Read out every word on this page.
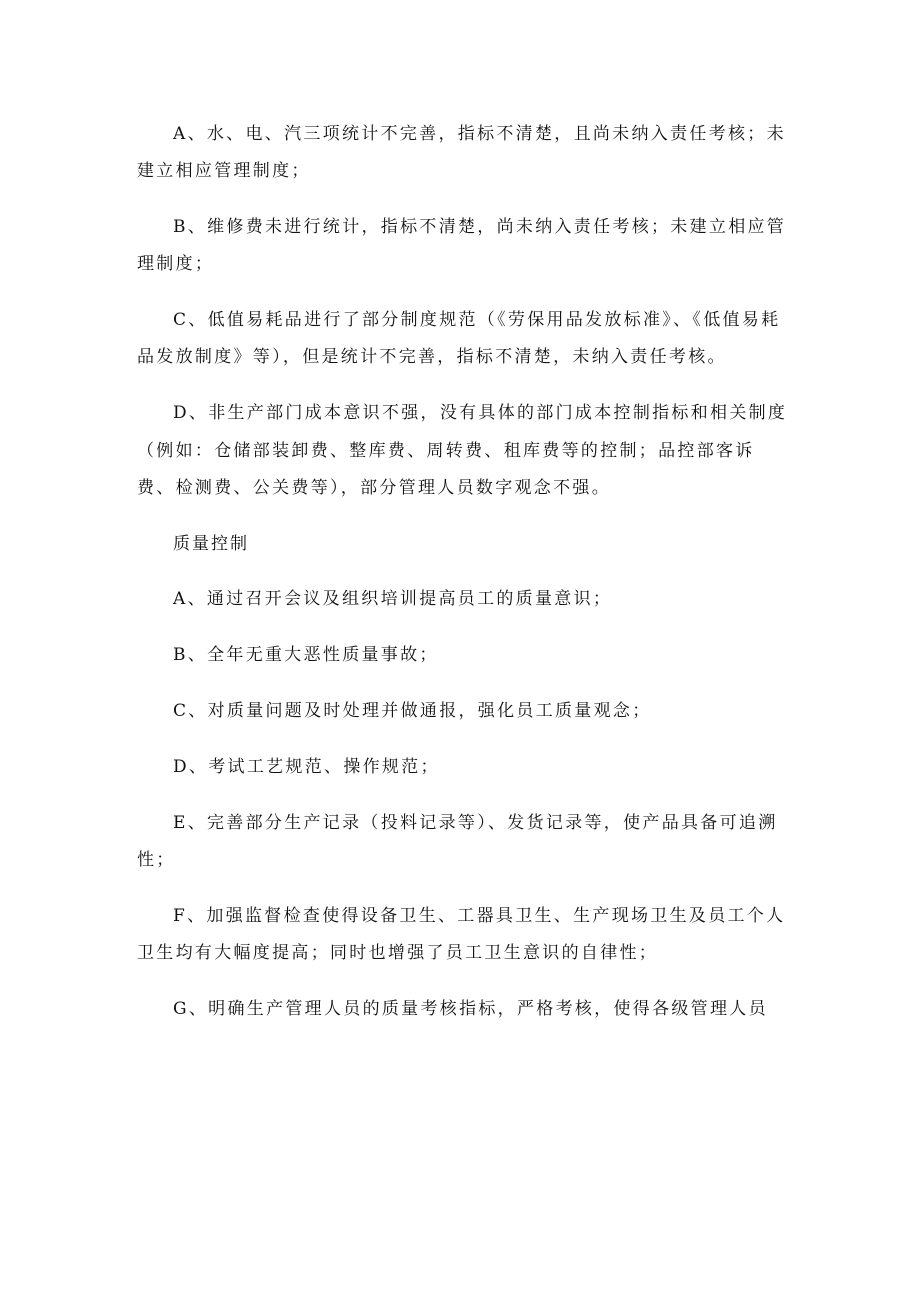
A、水、电、汽三项统计不完善，指标不清楚，且尚未纳入责任考核；未建立相应管理制度；

B、维修费未进行统计，指标不清楚，尚未纳入责任考核；未建立相应管理制度；

C、低值易耗品进行了部分制度规范（《劳保用品发放标准》、《低值易耗品发放制度》等），但是统计不完善，指标不清楚，未纳入责任考核。

D、非生产部门成本意识不强，没有具体的部门成本控制指标和相关制度（例如：仓储部装卸费、整库费、周转费、租库费等的控制；品控部客诉费、检测费、公关费等），部分管理人员数字观念不强。

质量控制

A、通过召开会议及组织培训提高员工的质量意识；

B、全年无重大恶性质量事故；

C、对质量问题及时处理并做通报，强化员工质量观念；

D、考试工艺规范、操作规范；

E、完善部分生产记录（投料记录等）、发货记录等，使产品具备可追溯性；

F、加强监督检查使得设备卫生、工器具卫生、生产现场卫生及员工个人卫生均有大幅度提高；同时也增强了员工卫生意识的自律性；

G、明确生产管理人员的质量考核指标，严格考核，使得各级管理人员
